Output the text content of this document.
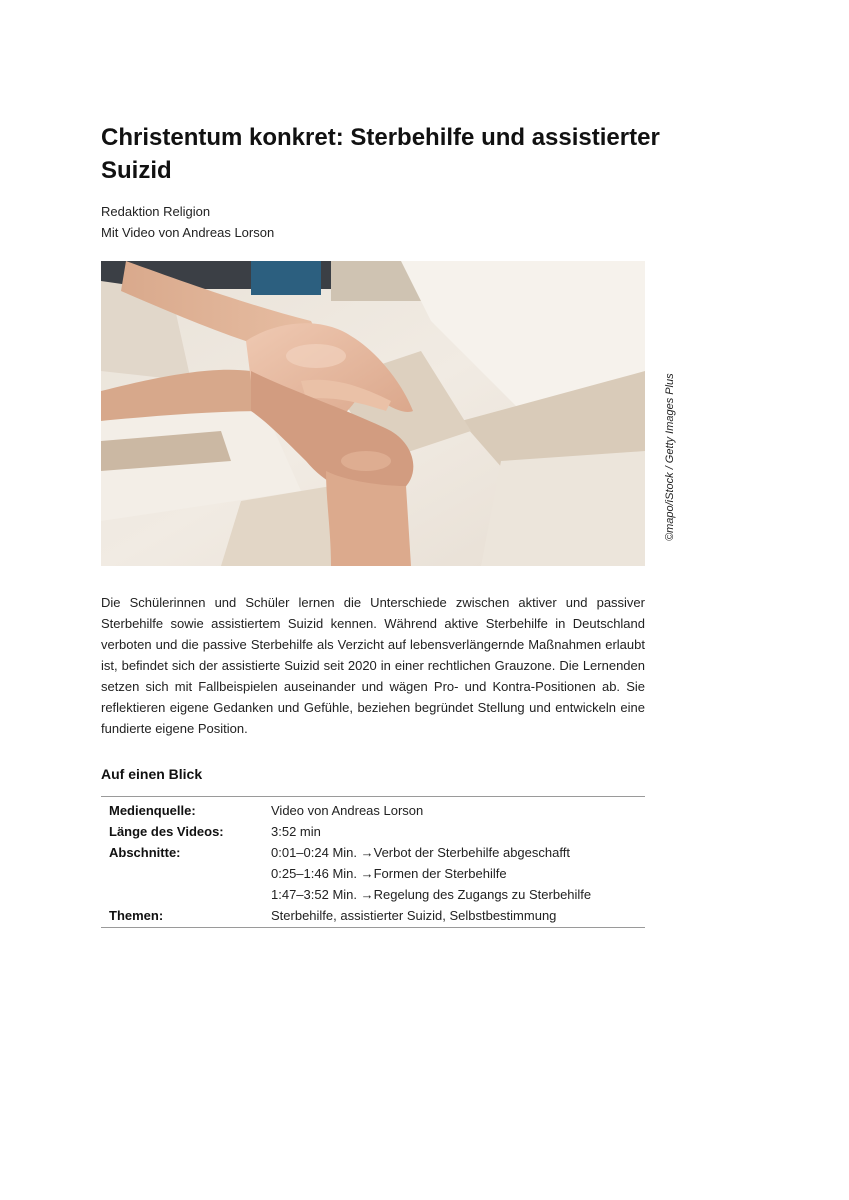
Christentum konkret: Sterbehilfe und assistierter Suizid
Redaktion Religion
Mit Video von Andreas Lorson
©mapo/iStock / Getty Images Plus

Die Schülerinnen und Schüler lernen die Unterschiede zwischen aktiver und passiver Sterbehilfe sowie assistiertem Suizid kennen. Während aktive Sterbehilfe in Deutschland verboten und die passive Sterbehilfe als Verzicht auf lebensverlängernde Maßnahmen erlaubt ist, befindet sich der assistierte Suizid seit 2020 in einer rechtlichen Grauzone. Die Lernenden setzen sich mit Fallbeispielen auseinander und wägen Pro- und Kontra-Positionen ab. Sie reflektieren eigene Gedanken und Gefühle, beziehen begründet Stellung und entwickeln eine fundierte eigene Position.

Auf einen Blick
Medienquelle:	Video von Andreas Lorson
Länge des Videos:	3:52 min
Abschnitte:	0:01–0:24 Min. →Verbot der Sterbehilfe abgeschafft
0:25–1:46 Min. →Formen der Sterbehilfe
1:47–3:52 Min. →Regelung des Zugangs zu Sterbehilfe
Themen:	Sterbehilfe, assistierter Suizid, Selbstbestimmung
